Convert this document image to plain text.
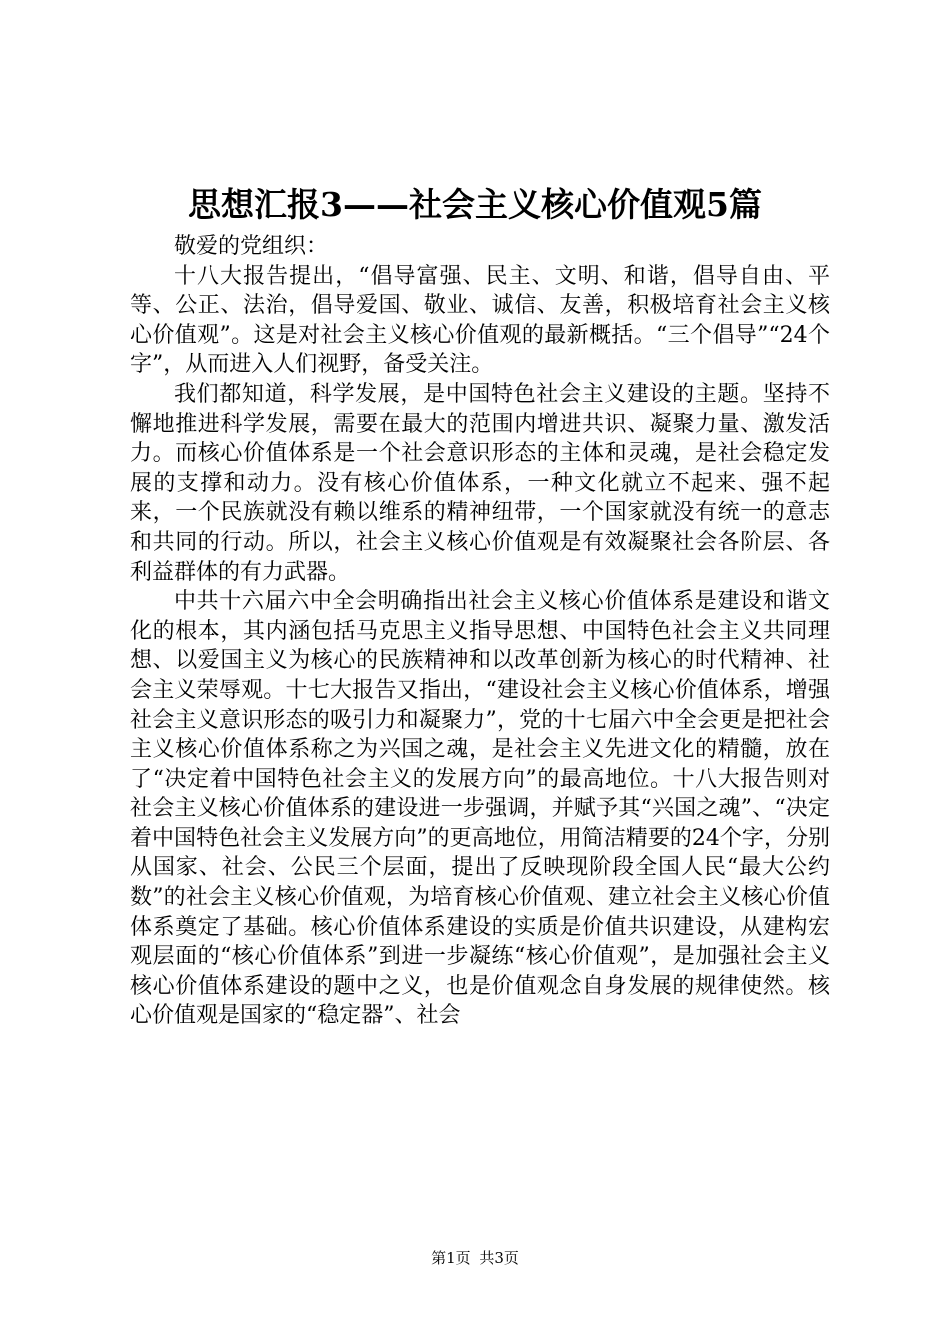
思想汇报3——社会主义核心价值观5篇

敬爱的党组织：

十八大报告提出，“倡导富强、民主、文明、和谐，倡导自由、平等、公正、法治，倡导爱国、敬业、诚信、友善，积极培育社会主义核心价值观”。这是对社会主义核心价值观的最新概括。“三个倡导”“24个字”，从而进入人们视野，备受关注。

我们都知道，科学发展，是中国特色社会主义建设的主题。坚持不懈地推进科学发展，需要在最大的范围内增进共识、凝聚力量、激发活力。而核心价值体系是一个社会意识形态的主体和灵魂，是社会稳定发展的支撑和动力。没有核心价值体系，一种文化就立不起来、强不起来，一个民族就没有赖以维系的精神纽带，一个国家就没有统一的意志和共同的行动。所以，社会主义核心价值观是有效凝聚社会各阶层、各利益群体的有力武器。

中共十六届六中全会明确指出社会主义核心价值体系是建设和谐文化的根本，其内涵包括马克思主义指导思想、中国特色社会主义共同理想、以爱国主义为核心的民族精神和以改革创新为核心的时代精神、社会主义荣辱观。十七大报告又指出，“建设社会主义核心价值体系，增强社会主义意识形态的吸引力和凝聚力”，党的十七届六中全会更是把社会主义核心价值体系称之为兴国之魂，是社会主义先进文化的精髓，放在了“决定着中国特色社会主义的发展方向”的最高地位。十八大报告则对社会主义核心价值体系的建设进一步强调，并赋予其“兴国之魂”、“决定着中国特色社会主义发展方向”的更高地位，用简洁精要的24个字，分别从国家、社会、公民三个层面，提出了反映现阶段全国人民“最大公约数”的社会主义核心价值观，为培育核心价值观、建立社会主义核心价值体系奠定了基础。核心价值体系建设的实质是价值共识建设，从建构宏观层面的“核心价值体系”到进一步凝练“核心价值观”，是加强社会主义核心价值体系建设的题中之义，也是价值观念自身发展的规律使然。核心价值观是国家的“稳定器”、社会

第1页 共3页
